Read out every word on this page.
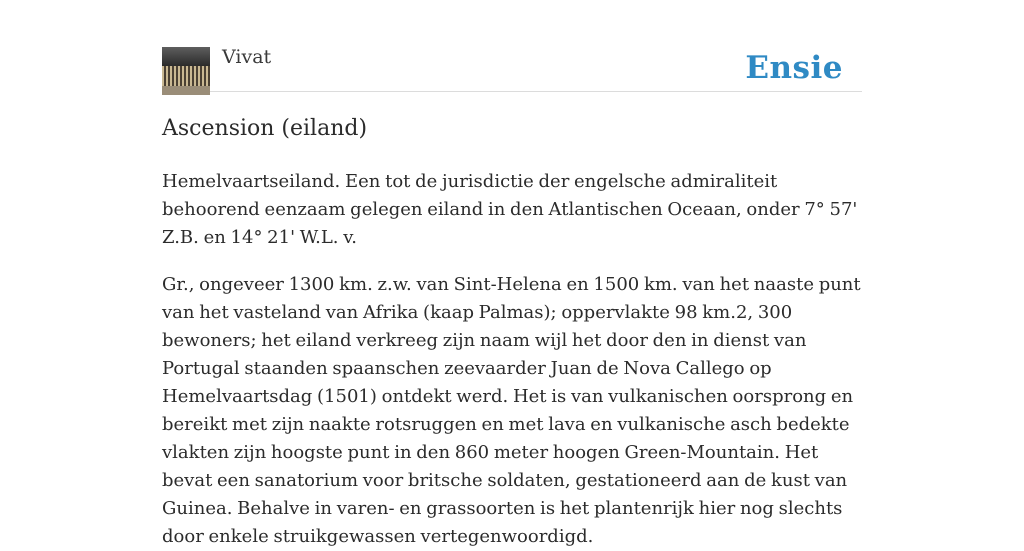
Vivat	Ensie
Ascension (eiland)

Hemelvaartseiland. Een tot de jurisdictie der engelsche admiraliteit behoorend eenzaam gelegen eiland in den Atlantischen Oceaan, onder 7° 57' Z.B. en 14° 21' W.L. v.

Gr., ongeveer 1300 km. z.w. van Sint-Helena en 1500 km. van het naaste punt van het vasteland van Afrika (kaap Palmas); oppervlakte 98 km.2, 300 bewoners; het eiland verkreeg zijn naam wijl het door den in dienst van Portugal staanden spaanschen zeevaarder Juan de Nova Callego op Hemelvaartsdag (1501) ontdekt werd. Het is van vulkanischen oorsprong en bereikt met zijn naakte rotsruggen en met lava en vulkanische asch bedekte vlakten zijn hoogste punt in den 860 meter hoogen Green-Mountain. Het bevat een sanatorium voor britsche soldaten, gestationeerd aan de kust van Guinea. Behalve in varen- en grassoorten is het plantenrijk hier nog slechts door enkele struikgewassen vertegenwoordigd.
